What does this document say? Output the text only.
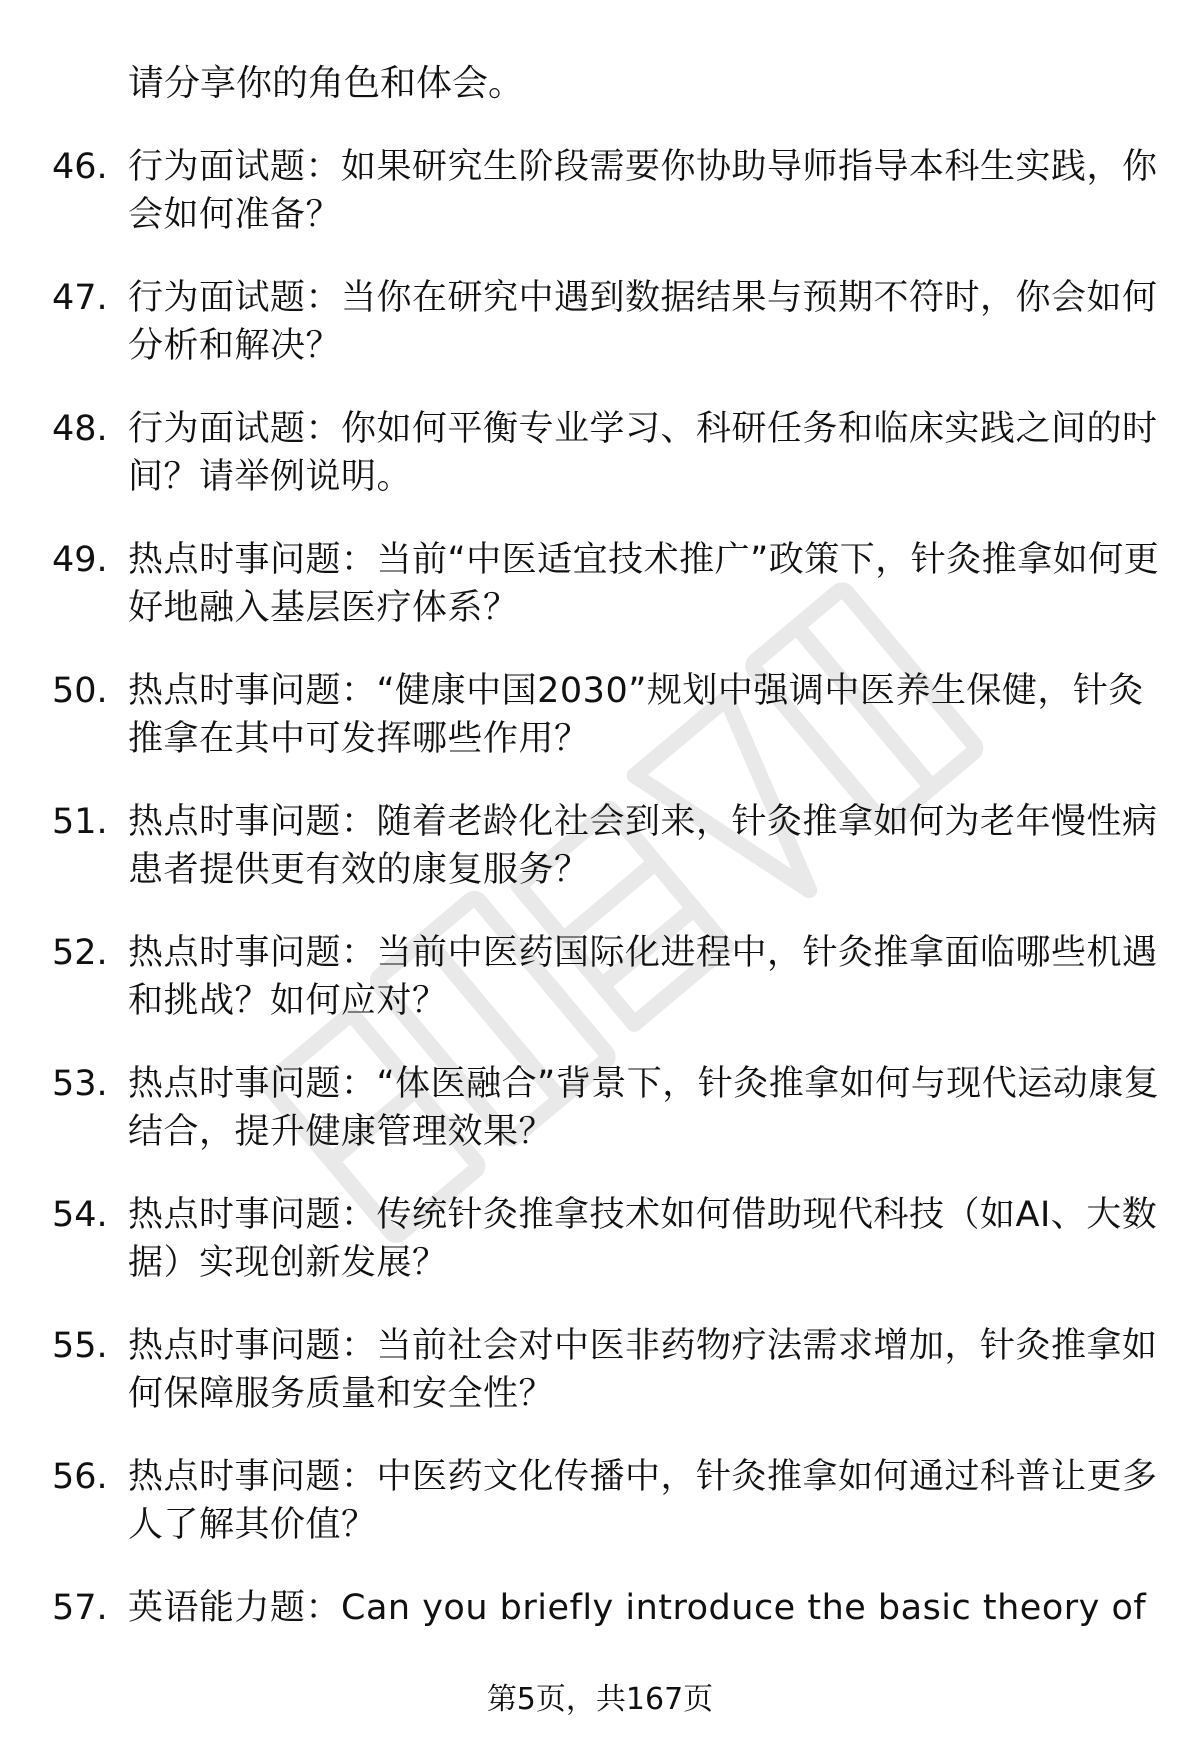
请分享你的角色和体会。
46. 行为面试题：如果研究生阶段需要你协助导师指导本科生实践，你会如何准备？
47. 行为面试题：当你在研究中遇到数据结果与预期不符时，你会如何分析和解决？
48. 行为面试题：你如何平衡专业学习、科研任务和临床实践之间的时间？请举例说明。
49. 热点时事问题：当前“中医适宜技术推广”政策下，针灸推拿如何更好地融入基层医疗体系？
50. 热点时事问题：“健康中国2030”规划中强调中医养生保健，针灸推拿在其中可发挥哪些作用？
51. 热点时事问题：随着老龄化社会到来，针灸推拿如何为老年慢性病患者提供更有效的康复服务？
52. 热点时事问题：当前中医药国际化进程中，针灸推拿面临哪些机遇和挑战？如何应对？
53. 热点时事问题：“体医融合”背景下，针灸推拿如何与现代运动康复结合，提升健康管理效果？
54. 热点时事问题：传统针灸推拿技术如何借助现代科技（如AI、大数据）实现创新发展？
55. 热点时事问题：当前社会对中医非药物疗法需求增加，针灸推拿如何保障服务质量和安全性？
56. 热点时事问题：中医药文化传播中，针灸推拿如何通过科普让更多人了解其价值？
57. 英语能力题：Can you briefly introduce the basic theory of
第5页，共167页
